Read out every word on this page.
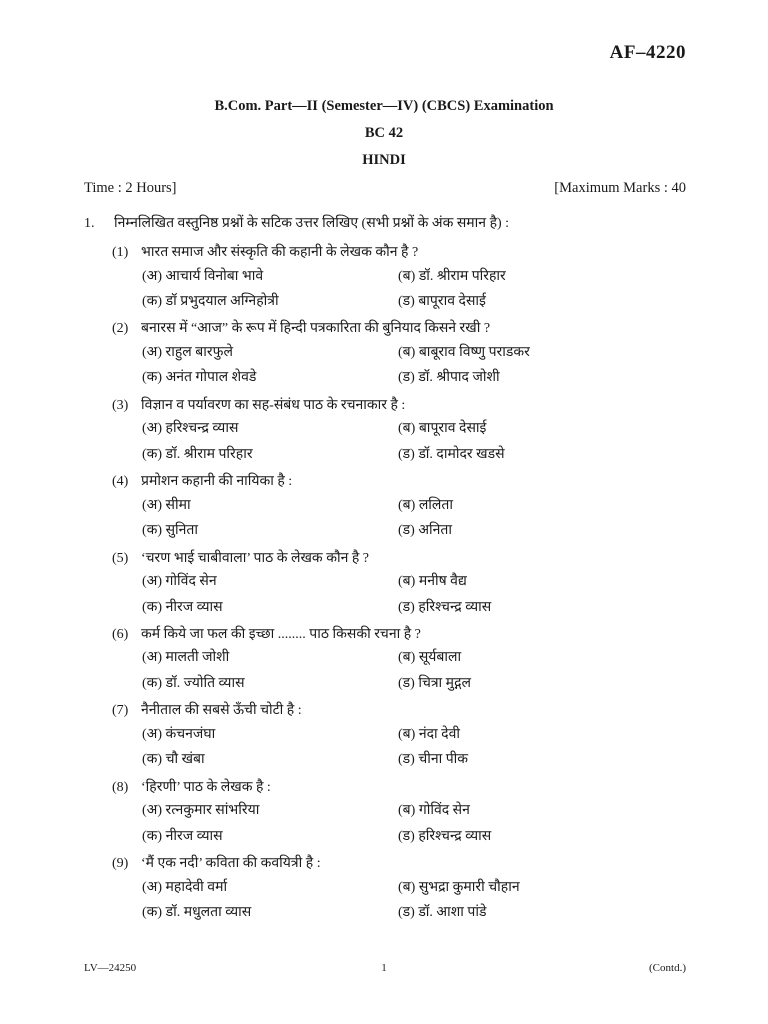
AF–4220
B.Com. Part—II (Semester—IV) (CBCS) Examination
BC 42
HINDI
Time : 2 Hours]	[Maximum Marks : 40
1. निम्नलिखित वस्तुनिष्ठ प्रश्नों के सटिक उत्तर लिखिए (सभी प्रश्नों के अंक समान है) :
(1) भारत समाज और संस्कृति की कहानी के लेखक कौन है ?
(अ) आचार्य विनोबा भावे	(ब) डॉ. श्रीराम परिहार
(क) डॉ प्रभुदयाल अग्निहोत्री	(ड) बापूराव देसाई
(2) बनारस में “आज” के रूप में हिन्दी पत्रकारिता की बुनियाद किसने रखी ?
(अ) राहुल बारफुले	(ब) बाबूराव विष्णु पराडकर
(क) अनंत गोपाल शेवडे	(ड) डॉ. श्रीपाद जोशी
(3) विज्ञान व पर्यावरण का सह-संबंध पाठ के रचनाकार है :
(अ) हरिश्चन्द्र व्यास	(ब) बापूराव देसाई
(क) डॉ. श्रीराम परिहार	(ड) डॉ. दामोदर खडसे
(4) प्रमोशन कहानी की नायिका है :
(अ) सीमा	(ब) ललिता
(क) सुनिता	(ड) अनिता
(5) ‘चरण भाई चाबीवाला’ पाठ के लेखक कौन है ?
(अ) गोविंद सेन	(ब) मनीष वैद्य
(क) नीरज व्यास	(ड) हरिश्चन्द्र व्यास
(6) कर्म किये जा फल की इच्छा ........ पाठ किसकी रचना है ?
(अ) मालती जोशी	(ब) सूर्यबाला
(क) डॉ. ज्योति व्यास	(ड) चित्रा मुद्गल
(7) नैनीताल की सबसे ऊँची चोटी है :
(अ) कंचनजंघा	(ब) नंदा देवी
(क) चौ खंबा	(ड) चीना पीक
(8) ‘हिरणी’ पाठ के लेखक है :
(अ) रत्नकुमार सांभरिया	(ब) गोविंद सेन
(क) नीरज व्यास	(ड) हरिश्चन्द्र व्यास
(9) ‘मैं एक नदी’ कविता की कवयित्री है :
(अ) महादेवी वर्मा	(ब) सुभद्रा कुमारी चौहान
(क) डॉ. मधुलता व्यास	(ड) डॉ. आशा पांडे
LV—24250	1	(Contd.)
